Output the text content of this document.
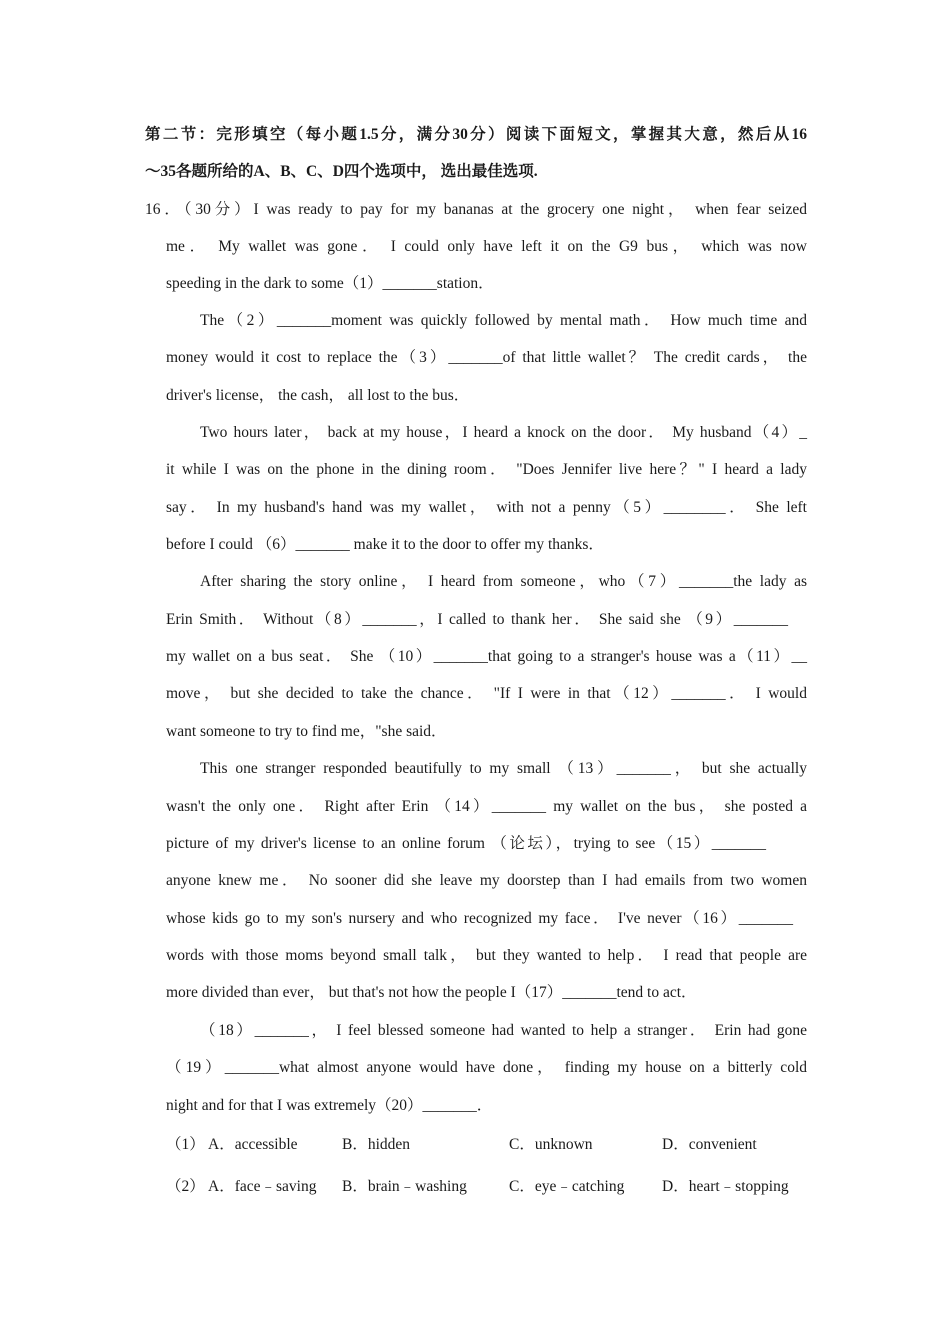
第二节：完形填空（每小题1.5分，满分30分）阅读下面短文，掌握其大意，然后从16
～35各题所给的A、B、C、D四个选项中， 选出最佳选项.
16．（30分）I was ready to pay for my bananas at the grocery one night， when fear seized
me． My wallet was gone． I could only have left it on the G9 bus， which was now
speeding in the dark to some（1）_______station．
The（2）_______moment was quickly followed by mental math． How much time and
money would it cost to replace the（3）_______of that little wallet？ The credit cards， the
driver's license， the cash， all lost to the bus．
Two hours later， back at my house，I heard a knock on the door． My husband（4）_
it while I was on the phone in the dining room． "Does Jennifer live here？" I heard a lady
say． In my husband's hand was my wallet， with not a penny（5）________． She left
before I could （6）_______ make it to the door to offer my thanks．
After sharing the story online， I heard from someone，who（7）_______the lady as
Erin Smith． Without（8）_______，I called to thank her． She said she （9）_______
my wallet on a bus seat． She （10）_______that going to a stranger's house was a（11）__
move， but she decided to take the chance． "If I were in that（12）_______． I would
want someone to try to find me，"she said．
This one stranger responded beautifully to my small （13）_______， but she actually
wasn't the only one． Right after Erin （14）_______ my wallet on the bus， she posted a
picture of my driver's license to an online forum （论坛），trying to see（15）_______
anyone knew me． No sooner did she leave my doorstep than I had emails from two women
whose kids go to my son's nursery and who recognized my face． I've never（16）_______
words with those moms beyond small talk， but they wanted to help． I read that people are
more divided than ever， but that's not how the people I（17）_______tend to act．
（18）_______， I feel blessed someone had wanted to help a stranger． Erin had gone
（19）_______what almost anyone would have done， finding my house on a bitterly cold
night and for that I was extremely（20）_______．
（1） A．accessible	B．hidden	C．unknown	D．convenient
（2） A．face﹣saving B．brain﹣washing	C．eye﹣catching D．heart﹣stopping
